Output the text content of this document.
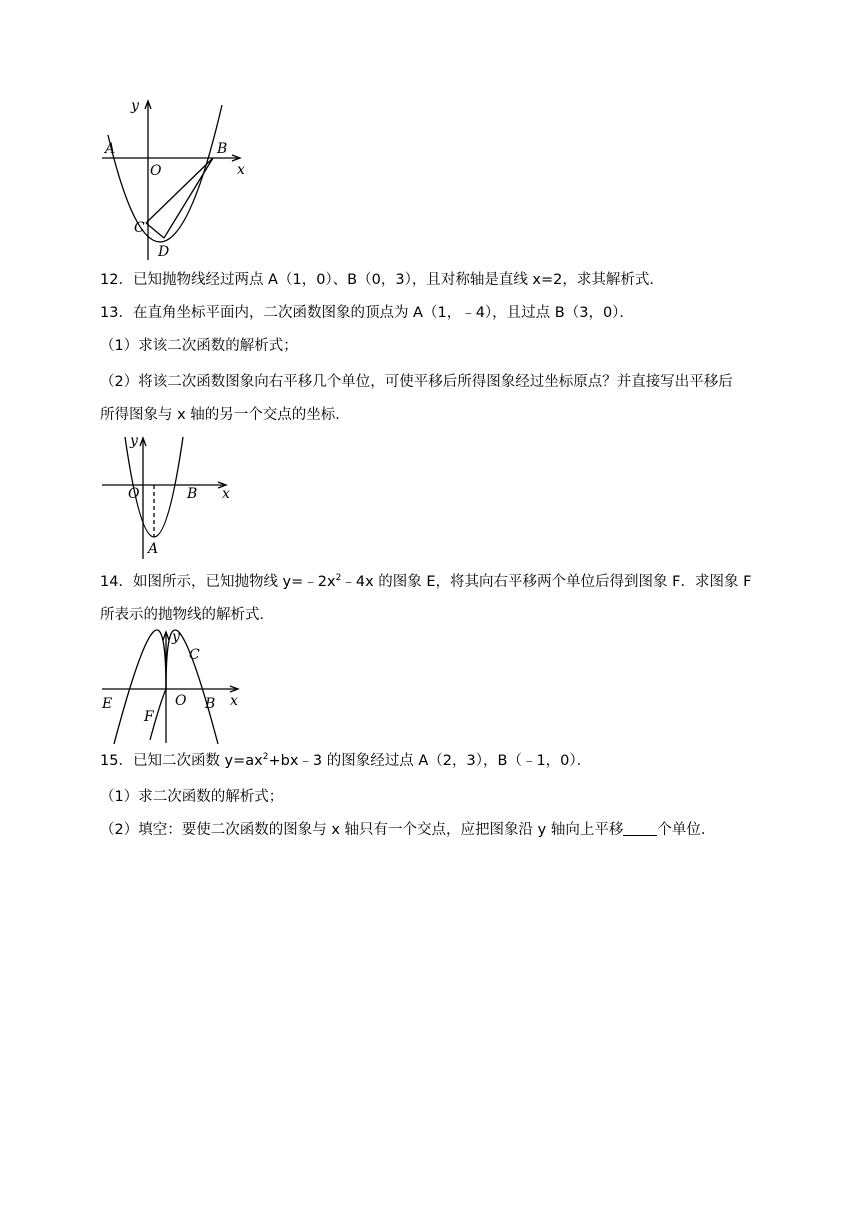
y
x
O
A	B
C
D
12．已知抛物线经过两点 A（1，0）、B（0，3），且对称轴是直线 x=2，求其解析式．
13．在直角坐标平面内，二次函数图象的顶点为 A（1，﹣4），且过点 B（3，0）．
（1）求该二次函数的解析式；
（2）将该二次函数图象向右平移几个单位，可使平移后所得图象经过坐标原点？并直接写出平移后
所得图象与 x 轴的另一个交点的坐标．
y
x
O	B
A
14．如图所示，已知抛物线 $y=﹣2x^2﹣4x$ 的图象 E，将其向右平移两个单位后得到图象 F．求图象 F
所表示的抛物线的解析式．
y
x
O
C
E
F
B
15．已知二次函数 $y=ax^2+bx﹣3$ 的图象经过点 A（2，3），B（﹣1，0）．
（1）求二次函数的解析式；
（2）填空：要使二次函数的图象与 x 轴只有一个交点，应把图象沿 y 轴向上平移 个单位．
